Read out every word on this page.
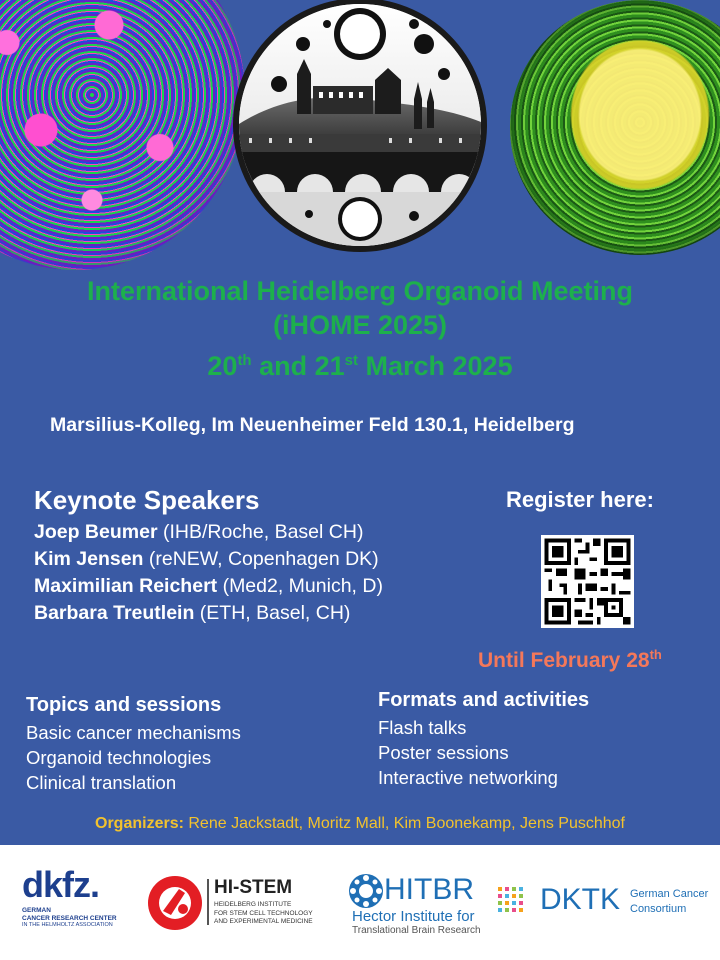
International Heidelberg Organoid Meeting
(iHOME 2025)
20th and 21st March 2025
Marsilius-Kolleg, Im Neuenheimer Feld 130.1, Heidelberg
Keynote Speakers
Joep Beumer (IHB/Roche, Basel CH)
Kim Jensen (reNEW, Copenhagen DK)
Maximilian Reichert (Med2, Munich, D)
Barbara Treutlein (ETH, Basel, CH)
Register here:
Until February 28th
Topics and sessions
Basic cancer mechanisms
Organoid technologies
Clinical translation
Formats and activities
Flash talks
Poster sessions
Interactive networking
Organizers: Rene Jackstadt, Moritz Mall, Kim Boonekamp, Jens Puschhof
dkfz.
GERMAN
CANCER RESEARCH CENTER
IN THE HELMHOLTZ ASSOCIATION
HI-STEM
HEIDELBERG INSTITUTE
FOR STEM CELL TECHNOLOGY
AND EXPERIMENTAL MEDICINE
HITBR
Hector Institute for
Translational Brain Research
DKTK German Cancer
Consortium
